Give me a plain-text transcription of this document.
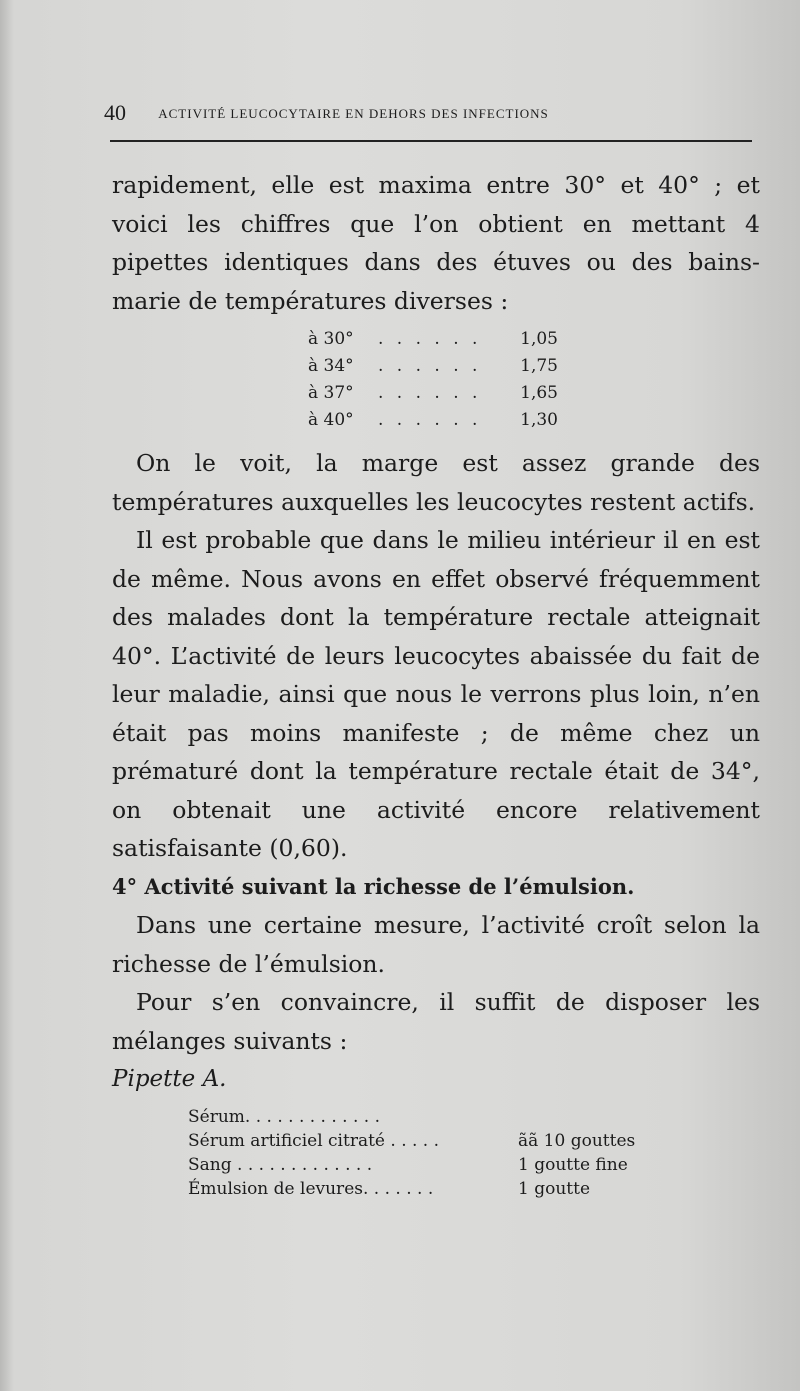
40 ACTIVITÉ LEUCOCYTAIRE EN DEHORS DES INFECTIONS

rapidement, elle est maxima entre 30° et 40° ; et voici les chiffres que l’on obtient en mettant 4 pipettes identiques dans des étuves ou des bains-marie de températures diverses :

à 30°	. . . . . .	1,05
à 34°	. . . . . .	1,75
à 37°	. . . . . .	1,65
à 40°	. . . . . .	1,30

On le voit, la marge est assez grande des températures auxquelles les leucocytes restent actifs.

Il est probable que dans le milieu intérieur il en est de même. Nous avons en effet observé fréquemment des malades dont la température rectale atteignait 40°. L’activité de leurs leucocytes abaissée du fait de leur maladie, ainsi que nous le verrons plus loin, n’en était pas moins manifeste ; de même chez un prématuré dont la température rectale était de 34°, on obtenait une activité encore relativement satisfaisante (0,60).

4° Activité suivant la richesse de l’émulsion.

Dans une certaine mesure, l’activité croît selon la richesse de l’émulsion.

Pour s’en convaincre, il suffit de disposer les mélanges suivants :

Pipette A.

Sérum. . . . . . . . . . . . .
Sérum artificiel citraté . . . . .	ãã 10 gouttes
Sang . . . . . . . . . . . . .	1 goutte fine
Émulsion de levures. . . . . . .	1 goutte
